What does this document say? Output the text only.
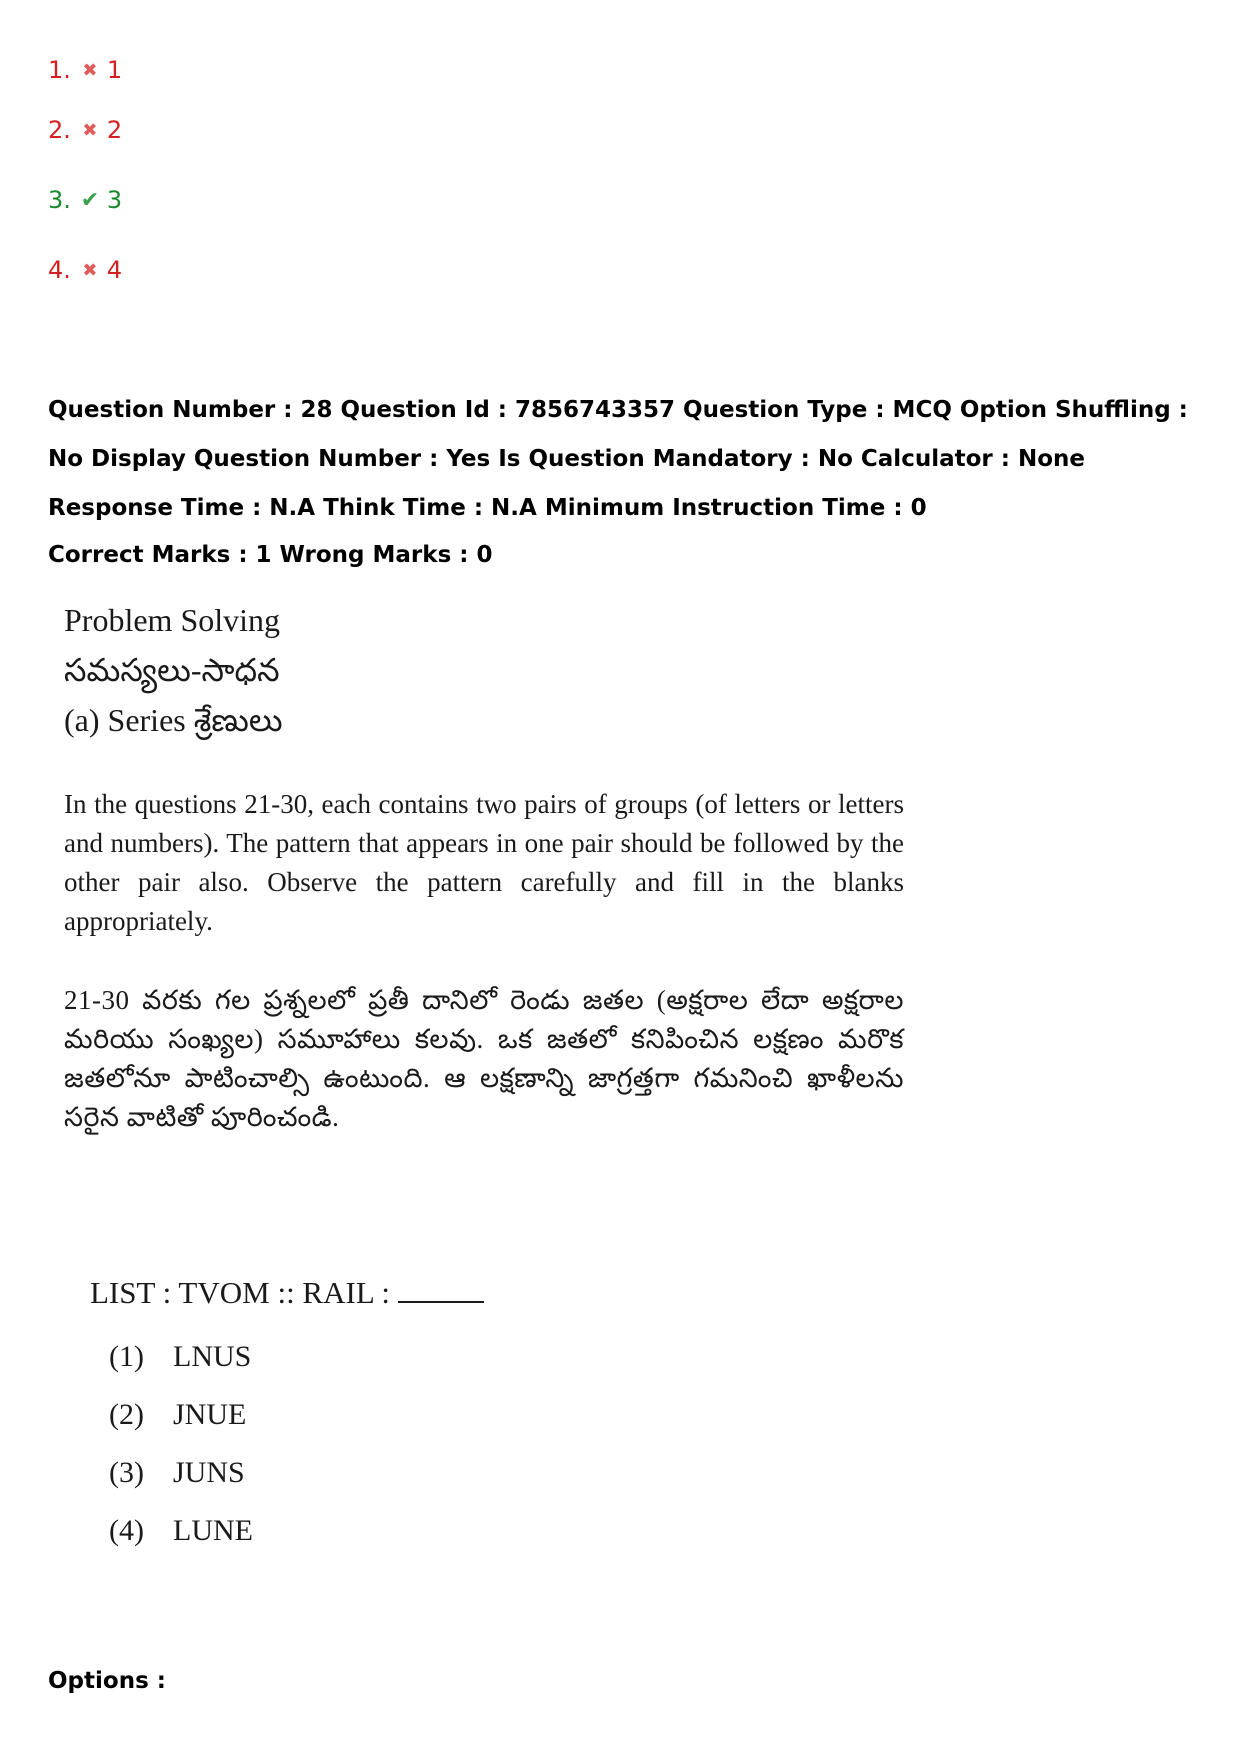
1. ✖ 1
2. ✖ 2
3. ✔ 3
4. ✖ 4

Question Number : 28 Question Id : 7856743357 Question Type : MCQ Option Shuffling : No Display Question Number : Yes Is Question Mandatory : No Calculator : None Response Time : N.A Think Time : N.A Minimum Instruction Time : 0

Correct Marks : 1 Wrong Marks : 0

Problem Solving

సమస్యలు-సాధన

(a) Series శ్రేణులు

In the questions 21-30, each contains two pairs of groups (of letters or letters and numbers). The pattern that appears in one pair should be followed by the other pair also. Observe the pattern carefully and fill in the blanks appropriately.

21-30 వరకు గల ప్రశ్నలలో ప్రతీ దానిలో రెండు జతల (అక్షరాల లేదా అక్షరాల మరియు సంఖ్యల) సమూహాలు కలవు. ఒక జతలో కనిపించిన లక్షణం మరొక జతలోనూ పాటించాల్సి ఉంటుంది. ఆ లక్షణాన్ని జాగ్రత్తగా గమనించి ఖాళీలను సరైన వాటితో పూరించండి.

LIST : TVOM :: RAIL :
(1) LNUS
(2) JNUE
(3) JUNS
(4) LUNE

Options :
